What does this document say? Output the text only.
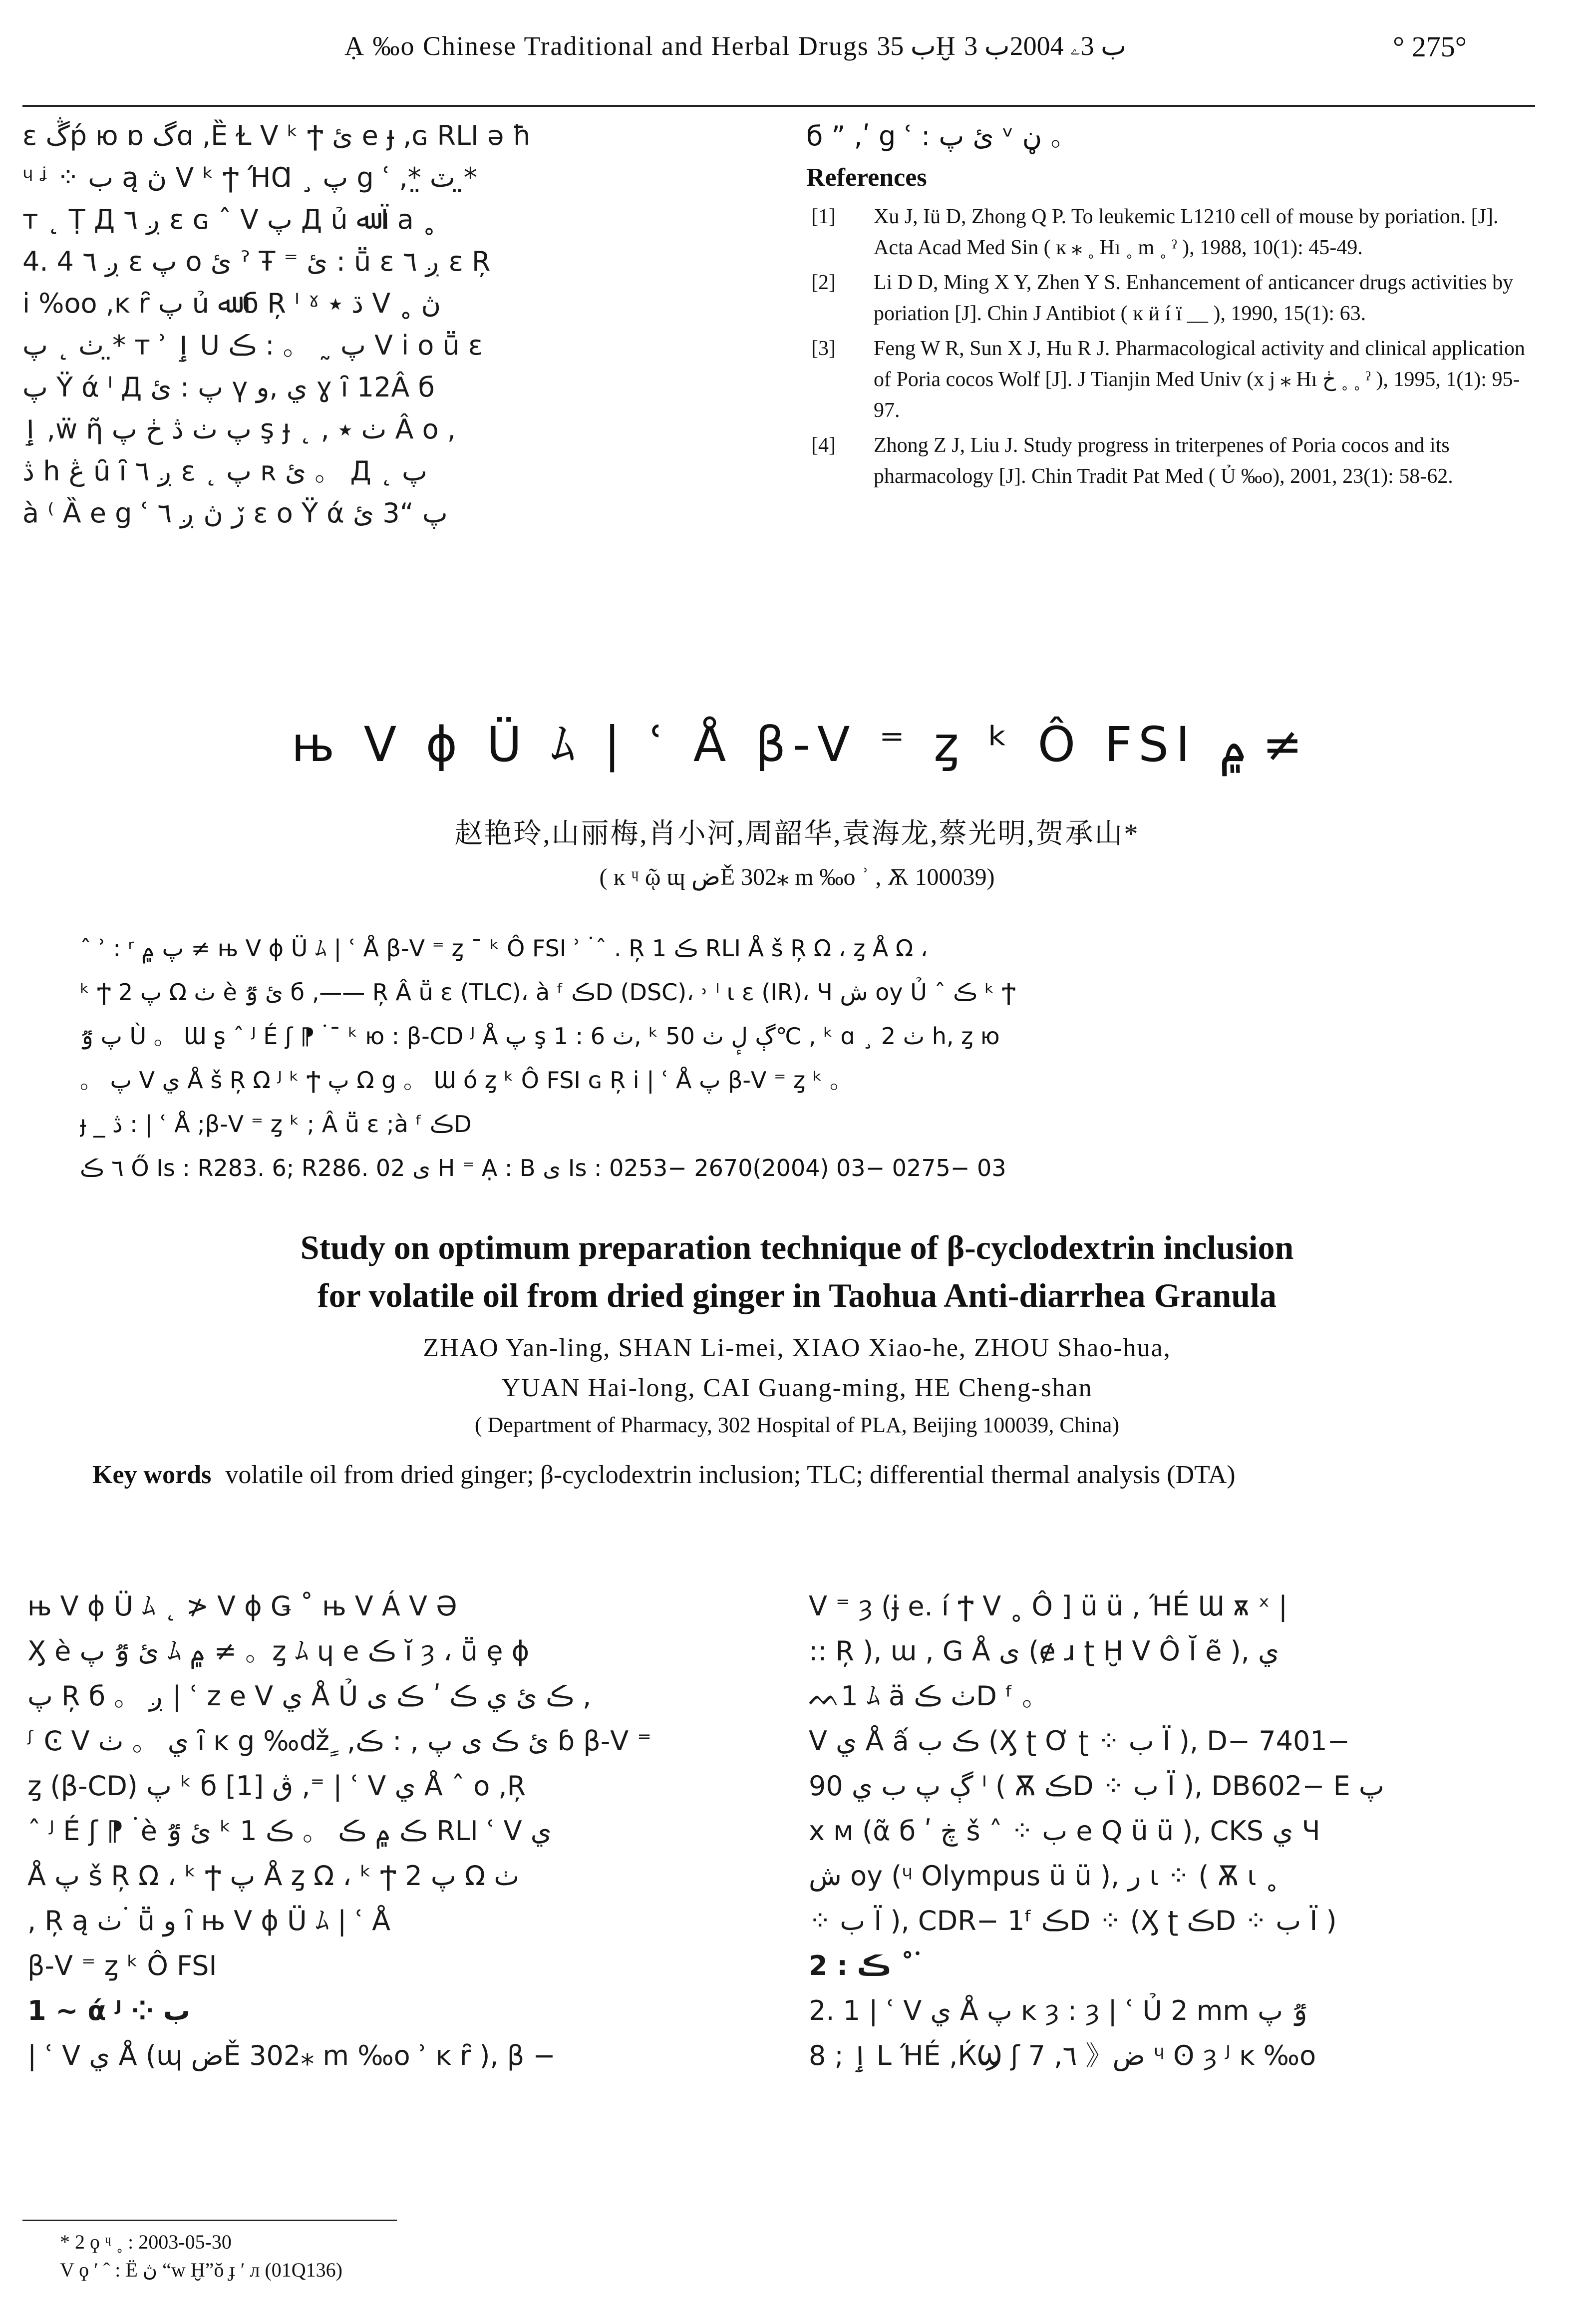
Ạ ‰o Chinese Traditional and Herbal Drugs ب 35Ḫ ب 3ۦ 2004ب 3	° 275°
ɛ ڴṕ ю ɒ گɑ ,Ȅ Ɫ V ᵏ Ϯ ئ e ɟ ,ɢ RLI ə ħ
ᶣ ᶨ ⁘ ب ą ڽ V ᵏ Ϯ ΉⱭ ¸ پ g ʿ ,*̤ ٽ *̤
т ˛ Ṭ Д ږ ٦ ɛ ɢ ˆ V پ Д ủ ﷲ Ï a ˳
4. 4 ږ ٦ ɛ پ o ئ ˀ Ŧ ⁼ ئ : ṻ ɛ ږ ٦ ɛ Ŗ
i %oo ,ĸ ȓ پ ủ ﷲ б Ŗ ᴵ ˠ ڌ ٭ V ˳ ڽ
ٺ ˛ پ *̤ т ʾ ٳ U پ ˷ 。 : ڪ V i o ṻ ɛ
پ Ÿ ά ˡ Д پ : ئ ү ي ,و ɣ ȋ 12Â б
ٳ ,ẅ ῆ پ ٺ ڎ ڂ پ ş ɟ ˛ , ٺ ٭ Â o ,
ڎ h ڠ ȗ ȋ ږ ٦ ɛ ˛ پ ʀ ئ 。 Д ˛ پ
à ⁽ Ȁ e g ʿ ڒ ڽ ږ ٦ ɛ o Ÿ ά پ “3 ئ
б ” ,ʹ g ʿ : ئ پ ᵛ ڼ 。
References
[1] Xu J, Iü D, Zhong Q P. To leukemic L1210 cell of mouse by poriation. [J]. Acta Acad Med Sin ( ĸ ⁎ ˳ Hı ˳ m ˳ ˀ ), 1988, 10(1): 45-49.
[2] Li D D, Ming X Y, Zhen Y S. Enhancement of anticancer drugs activities by poriation [J]. Chin J Antibiot ( ĸ ӥ í ï __ ), 1990, 15(1): 63.
[3] Feng W R, Sun X J, Hu R J. Pharmacological activity and clinical application of Poria cocos Wolf [J]. J Tianjin Med Univ (x j ⁎ Hı ڂ ˳ ˳ ˀ ), 1995, 1(1): 95-97.
[4] Zhong Z J, Liu J. Study progress in triterpenes of Poria cocos and its pharmacology [J]. Chin Tradit Pat Med ( Ủ ‰o), 2001, 23(1): 58-62.
њ V ɸ Ü ﾑ | ʿ Å β-V ⁼ ȥ ᵏ Ô FSI ۾ ≠
赵艳玲,山丽梅,肖小河,周韶华,袁海龙,蔡光明,贺承山*
( ĸ ᶣ ῷ ɰ ضĚ 302⁎ m ‰o ʾ , Ѫ 100039)
ˆ ʾ : ʳ پ ۾ ≠ њ V ɸ Ü ﾑ | ʿ Å β-V ⁼ ȥ ¯ ᵏ Ô FSI ʾ ۬ ˆ . Ŗ 1 ڪ RLI Å š Ŗ Ω ، ȥ Å Ω ،
ᵏ Ϯ 2 پ Ω ٺ è ئ ٷ б ‚—— Ŗ Â ṻ ɛ (TLC)، à ᶠ ڪD (DSC)، ˒ ˡ ι ɛ (IR)، Ч ش oy Ủ ˆ ڪ ᵏ Ϯ
پ ٷ Ù 。 Ɯ ʂ ˆ ᴶ É ʃ ⁋ ۬ ¯ ᵏ ю : β-CD ᴶ Å پ ş ٺ 6 : 1, ᵏ ڳ لٕ ٺ 50℃ , ᵏ ɑ ¸ ٺ 2 h, ȥ ю
。 پ V ي Å š Ŗ Ω ᴶ ᵏ Ϯ پ Ω g 。 Ɯ ó ȥ ᵏ Ô FSI ɢ Ŗ i | ʿ Å پ β-V ⁼ ȥ ᵏ 。
ɟ _ ڎ : | ʿ Å ;β-V ⁼ ȥ ᵏ ; Â ṻ ɛ ;à ᶠ ڪD
٦ ڪ Ő Is : R283. 6; R286. 02 ى ᕼ ⁼ Ạ : B ى Is : 0253− 2670(2004) 03− 0275− 03
Study on optimum preparation technique of β-cyclodextrin inclusion
for volatile oil from dried ginger in Taohua Anti-diarrhea Granula
ZHAO Yan-ling, SHAN Li-mei, XIAO Xiao-he, ZHOU Shao-hua,
YUAN Hai-long, CAI Guang-ming, HE Cheng-shan
( Department of Pharmacy, 302 Hospital of PLA, Beijing 100039, China)
Key words volatile oil from dried ginger; β-cyclodextrin inclusion; TLC; differential thermal analysis (DTA)
њ V ɸ Ü ﾑ ˛ ≯ V ɸ Ǥ ˚ њ V Á V Ə
Ӽ è ئ ٷ پ ﾑ ۾ ≠ 。ȥ ﾑ ɥ e ڪ ĭ ȝ ، ṻ ȩ ɸ
پ Ŗ б 。 ږ | ʿ z e V ي Å Ủ ڪ ئ ي ڪ ʹ ڪ ى ,
ᶴ Ͼ V ي 。 ٺ ȋ ĸ g ‰ǆ ٍ ,ئ ڪ ى پ , : ڪ ɓ β-V ⁼
ȥ (β-CD) پ ᵏ б ڨ [1] ,⁼ | ʿ V ي Å ˆ o ,Ŗ
ˆ ᴶ É ʃ ⁋ ۬ è ئ ٷ ᵏ 1 ڪ ۾ ڪ 。 ڪ RLI ʿ V ي
Å پ š Ŗ Ω ، ᵏ Ϯ پ Å ȥ Ω ، ᵏ Ϯ 2 پ Ω ٺ
, Ŗ ą ٺ ۬ ṻ و ȋ њ V ɸ Ü ﾑ | ʿ Å
β-V ⁼ ȥ ᵏ Ô FSI
1 ~ ά ᴶ ⁘ ب
| ʿ V ي Å (ɰ ضĚ 302⁎ m ‰o ʾ ĸ ȓ ), β −
V ⁼ ȝ (ɉ e. í Ϯ V ˳ Ô ] ü ü , ΉÉ Ɯ ѫ ˣ |
:: Ŗ ), ɯ , G Å ى (ɇ ɹ ʈ Ḫ V Ô Ĭ ẽ ), ي
ᨓ1 ﾑ ä ٺ ڪD ᶠ 。
V ي Å ấ ڪ ب (Ӽ ʈ Ơ ʈ ⁘ ب Ï ), D− 7401−
90 ڳ پ ب ي ᴵ ( Ѫ ڪD ⁘ ب Ï ), DB602− E پ
x м (ᾶ б ʹ ڿ š ˄ ⁘ ب e Q ü ü ), CKS ي Ч
ش oy (ᶣ Olympus ü ü ), ر ι ⁘ ( Ѫ ι ˳
⁘ ب Ï ), CDR− 1ᶠ ڪD ⁘ (Ӽ ʈ ڪD ⁘ ب Ï )
2 : ڪ ˚ ۬
2. 1 | ʿ V ي Å پ ĸ ȝ : ȝ | ʿ Ủ 2 mm ٷ پ
ٳ ; 8 L ΉÉ ,ЌϢ ʃ 7 ,ض《 ٦ ᶣ ʘ ȝ ᴶ ĸ ‰o
* 2 ϙ ᶣ ˳ : 2003-05-30
V ϙ ʹ ˆ : Ë ڽ “w Ḫ”ŏ ɟ ʹ л (01Q136)
